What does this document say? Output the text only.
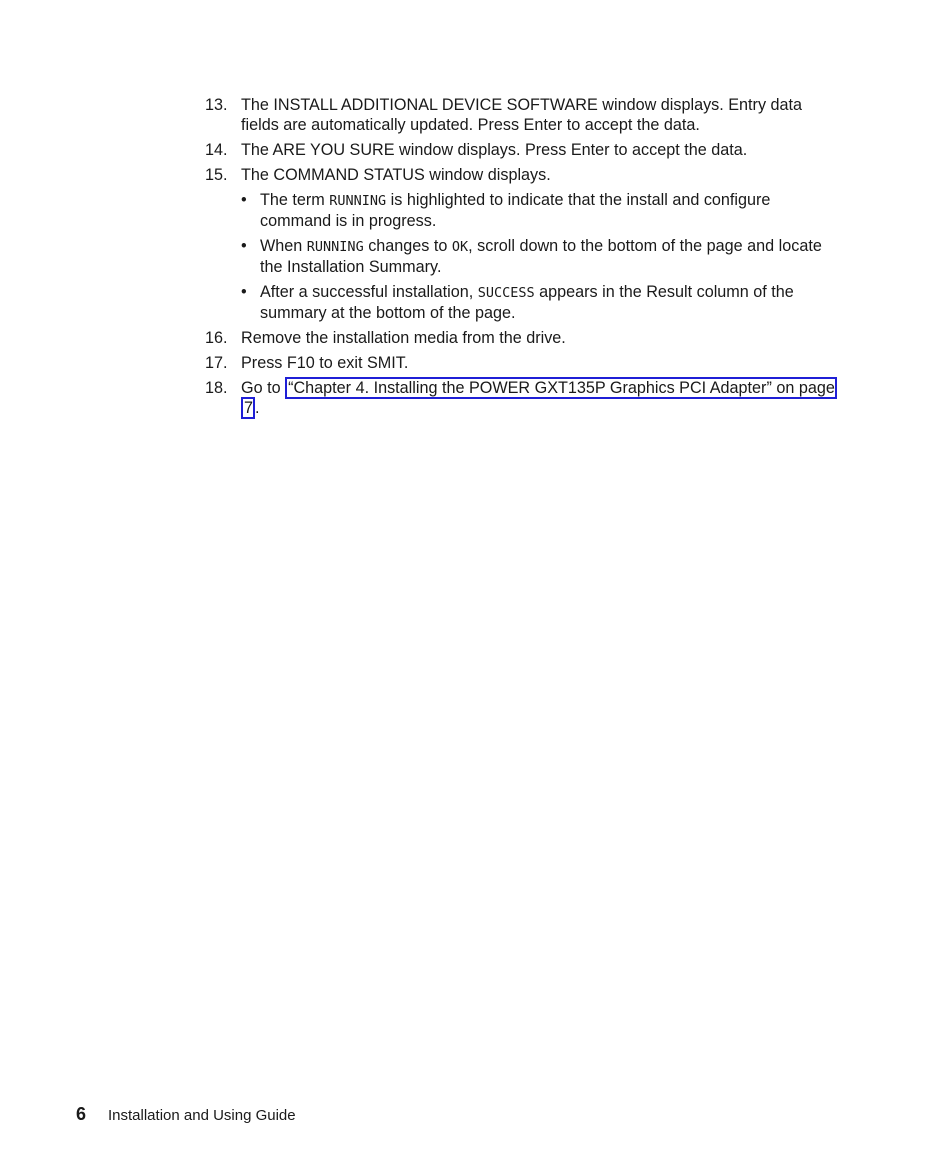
13. The INSTALL ADDITIONAL DEVICE SOFTWARE window displays. Entry data fields are automatically updated. Press Enter to accept the data.
14. The ARE YOU SURE window displays. Press Enter to accept the data.
15. The COMMAND STATUS window displays.
• The term RUNNING is highlighted to indicate that the install and configure command is in progress.
• When RUNNING changes to OK, scroll down to the bottom of the page and locate the Installation Summary.
• After a successful installation, SUCCESS appears in the Result column of the summary at the bottom of the page.
16. Remove the installation media from the drive.
17. Press F10 to exit SMIT.
18. Go to “Chapter 4. Installing the POWER GXT135P Graphics PCI Adapter” on page 7 .
6	Installation and Using Guide
